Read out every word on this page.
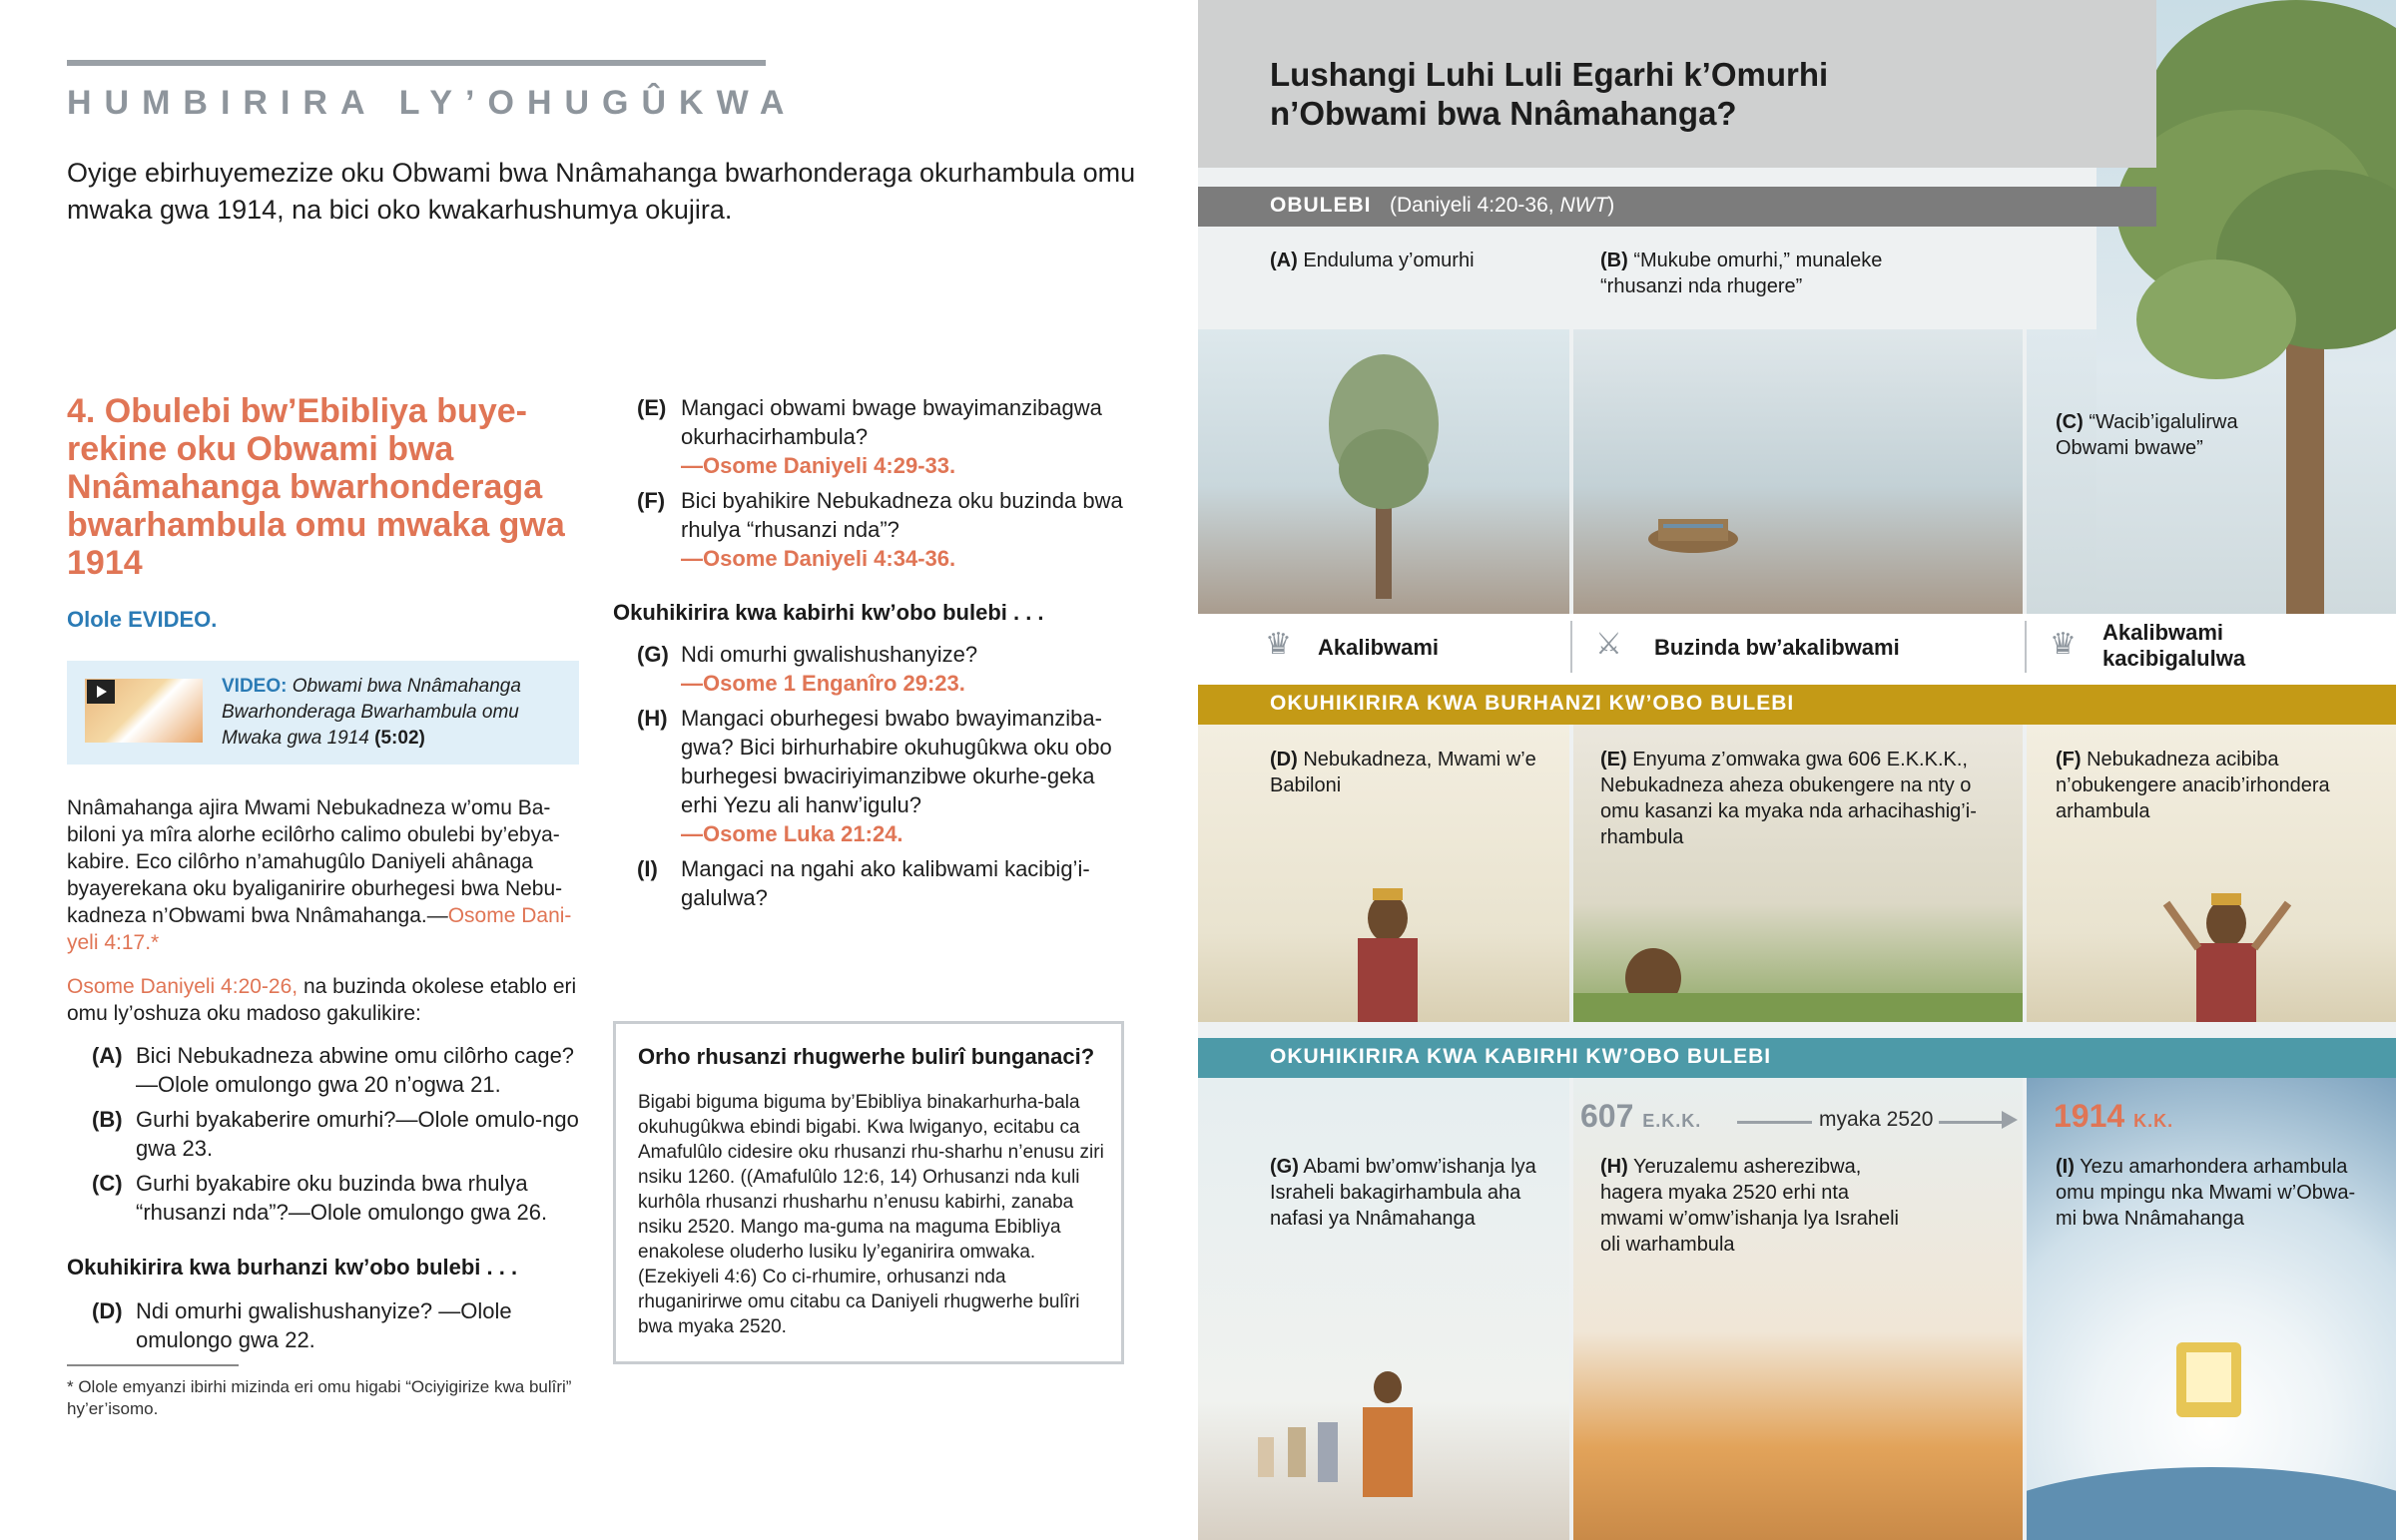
HUMBIRIRA LY’OHUGÛKWA
Oyige ebirhuyemezize oku Obwami bwa Nnâmahanga bwarhonderaga okurhambula omu mwaka gwa 1914, na bici oko kwakarhushumya okujira.
4. Obulebi bw’Ebibliya buye-rekine oku Obwami bwa Nnâmahanga bwarhonderaga bwarhambula omu mwaka gwa 1914
Olole EVIDEO.
VIDEO: Obwami bwa Nnâmahanga Bwarhonderaga Bwarhambula omu Mwaka gwa 1914 (5:02)
Nnâmahanga ajira Mwami Nebukadneza w’omu Ba-biloni ya mîra alorhe ecilôrho calimo obulebi by’ebya-kabire. Eco cilôrho n’amahugûlo Daniyeli ahânaga byayerekana oku byaliganirire oburhegesi bwa Nebu-kadneza n’Obwami bwa Nnâmahanga.—Osome Dani-yeli 4:17.*
Osome Daniyeli 4:20-26, na buzinda okolese etablo eri omu ly’oshuza oku madoso gakulikire:
(A) Bici Nebukadneza abwine omu cilôrho cage?—Olole omulongo gwa 20 n’ogwa 21.
(B) Gurhi byakaberire omurhi?—Olole omulo-ngo gwa 23.
(C) Gurhi byakabire oku buzinda bwa rhulya “rhusanzi nda”?—Olole omulongo gwa 26.
Okuhikirira kwa burhanzi kw’obo bulebi . . .
(D) Ndi omurhi gwalishushanyize? —Olole omulongo gwa 22.
* Olole emyanzi ibirhi mizinda eri omu higabi “Ociyigirize kwa bulîri” hy’er’isomo.
(E) Mangaci obwami bwage bwayimanzibagwa okurhacirhambula?
—Osome Daniyeli 4:29-33.
(F) Bici byahikire Nebukadneza oku buzinda bwa rhulya “rhusanzi nda”?
—Osome Daniyeli 4:34-36.
Okuhikirira kwa kabirhi kw’obo bulebi . . .
(G) Ndi omurhi gwalishushanyize?
—Osome 1 Enganîro 29:23.
(H) Mangaci oburhegesi bwabo bwayimanziba-gwa? Bici birhurhabire okuhugûkwa oku obo burhegesi bwaciriyimanzibwe okurhe-geka erhi Yezu ali hanw’igulu?
—Osome Luka 21:24.
(I)	Mangaci na ngahi ako kalibwami kacibig’i-galulwa?
Orho rhusanzi rhugwerhe bulirî bunganaci?
Bigabi biguma biguma by’Ebibliya binakarhurha-bala okuhugûkwa ebindi bigabi. Kwa lwiganyo, ecitabu ca Amafulûlo cidesire oku rhusanzi rhu-sharhu n’enusu ziri nsiku 1260. ((Amafulûlo 12:6, 14) Orhusanzi nda kuli kurhôla rhusanzi rhusharhu n’enusu kabirhi, zanaba nsiku 2520. Mango ma-guma na maguma Ebibliya enakolese oluderho lusiku ly’eganirira omwaka. (Ezekiyeli 4:6) Co ci-rhumire, orhusanzi nda rhuganirirwe omu citabu ca Daniyeli rhugwerhe bulîri bwa myaka 2520.
Lushangi Luhi Luli Egarhi k’Omurhi n’Obwami bwa Nnâmahanga?
OBULEBI (Daniyeli 4:20-36, NWT)
(A) Enduluma y’omurhi	(B) “Mukube omurhi,” munaleke “rhusanzi nda rhugere”
(C) “Wacib’igalulirwa Obwami bwawe”
♛ Akalibwami	⚔ Buzinda bw’akalibwami	♛ Akalibwami kacibigalulwa
OKUHIKIRIRA KWA BURHANZI KW’OBO BULEBI
(D) Nebukadneza, Mwami w’e Babiloni
(E) Enyuma z’omwaka gwa 606 E.K.K.K., Nebukadneza aheza obukengere na nty o omu kasanzi ka myaka nda arhacihashig’i-rhambula
(F) Nebukadneza acibiba n’obukengere anacib’irhondera arhambula
OKUHIKIRIRA KWA KABIRHI KW’OBO BULEBI
607 E.K.K.	myaka 2520	1914 K.K.
(G) Abami bw’omw’ishanja lya Israheli bakagirhambula aha nafasi ya Nnâmahanga
(H) Yeruzalemu asherezibwa, hagera myaka 2520 erhi nta mwami w’omw’ishanja lya Israheli oli warhambula
(I) Yezu amarhondera arhambula omu mpingu nka Mwami w’Obwa-mi bwa Nnâmahanga
